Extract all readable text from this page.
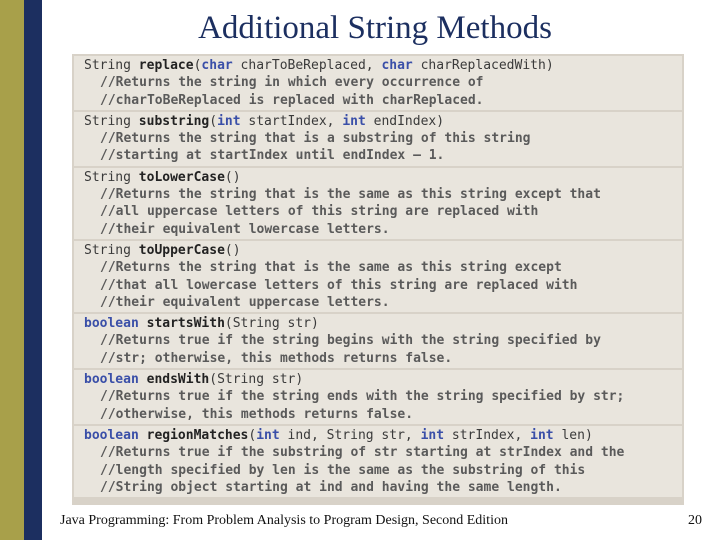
Additional String Methods
String replace(char charToBeReplaced, char charReplacedWith)
//Returns the string in which every occurrence of
//charToBeReplaced is replaced with charReplaced.
String substring(int startIndex, int endIndex)
//Returns the string that is a substring of this string
//starting at startIndex until endIndex – 1.
String toLowerCase()
//Returns the string that is the same as this string except that
//all uppercase letters of this string are replaced with
//their equivalent lowercase letters.
String toUpperCase()
//Returns the string that is the same as this string except
//that all lowercase letters of this string are replaced with
//their equivalent uppercase letters.
boolean startsWith(String str)
//Returns true if the string begins with the string specified by
//str; otherwise, this methods returns false.
boolean endsWith(String str)
//Returns true if the string ends with the string specified by str;
//otherwise, this methods returns false.
boolean regionMatches(int ind, String str, int strIndex, int len)
//Returns true if the substring of str starting at strIndex and the
//length specified by len is the same as the substring of this
//String object starting at ind and having the same length.
Java Programming: From Problem Analysis to Program Design, Second Edition	20
